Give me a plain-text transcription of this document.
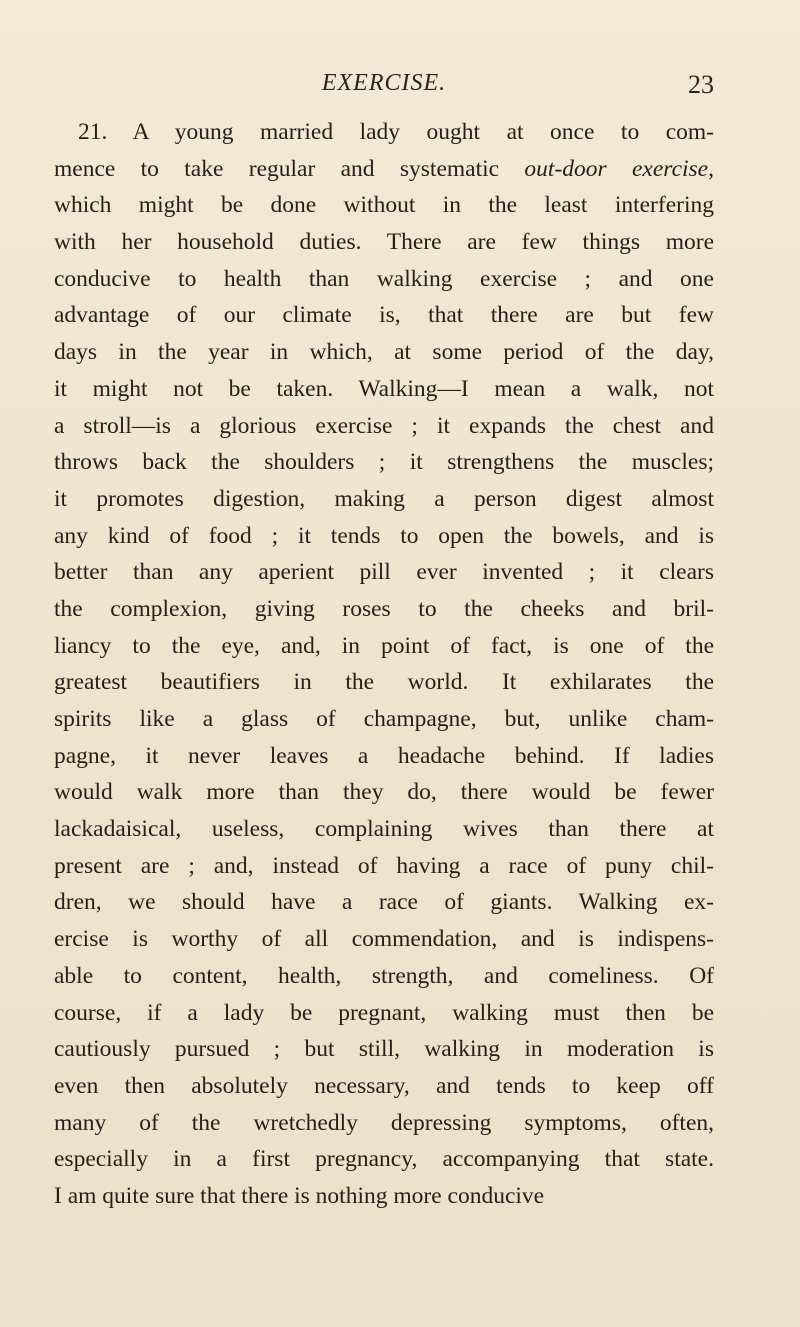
EXERCISE.	23
21. A young married lady ought at once to com-
mence to take regular and systematic out-door exercise,
which might be done without in the least interfering
with her household duties. There are few things more
conducive to health than walking exercise ; and one
advantage of our climate is, that there are but few
days in the year in which, at some period of the day,
it might not be taken. Walking—I mean a walk, not
a stroll—is a glorious exercise ; it expands the chest and
throws back the shoulders ; it strengthens the muscles;
it promotes digestion, making a person digest almost
any kind of food ; it tends to open the bowels, and is
better than any aperient pill ever invented ; it clears
the complexion, giving roses to the cheeks and bril-
liancy to the eye, and, in point of fact, is one of the
greatest beautifiers in the world. It exhilarates the
spirits like a glass of champagne, but, unlike cham-
pagne, it never leaves a headache behind. If ladies
would walk more than they do, there would be fewer
lackadaisical, useless, complaining wives than there at
present are ; and, instead of having a race of puny chil-
dren, we should have a race of giants. Walking ex-
ercise is worthy of all commendation, and is indispens-
able to content, health, strength, and comeliness. Of
course, if a lady be pregnant, walking must then be
cautiously pursued ; but still, walking in moderation is
even then absolutely necessary, and tends to keep off
many of the wretchedly depressing symptoms, often,
especially in a first pregnancy, accompanying that state.
I am quite sure that there is nothing more conducive
